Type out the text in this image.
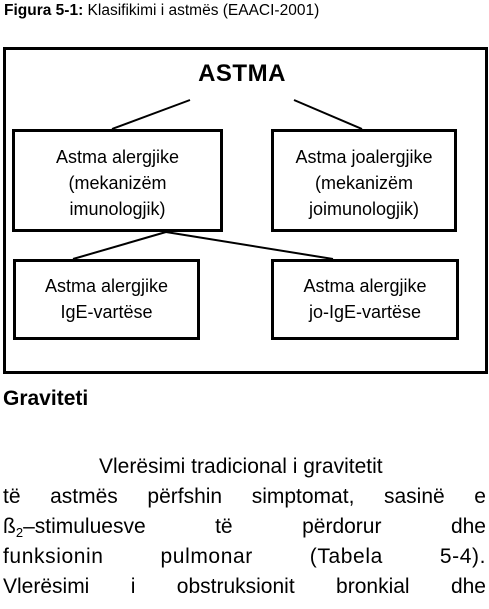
Figura 5-1: Klasifikimi i astmës (EAACI-2001)
ASTMA
Astma alergjike
(mekanizëm
imunologjik)
Astma joalergjike
(mekanizëm
joimunologjik)
Astma alergjike
IgE-vartëse
Astma alergjike
jo-IgE-vartëse
Graviteti
Vlerësimi tradicional i gravitetit
të astmës përfshin simptomat, sasinë e
$ß_2$–stimuluesve të përdorur dhe
funksionin pulmonar (Tabela 5-4).
Vlerësimi i obstruksionit bronkial dhe
